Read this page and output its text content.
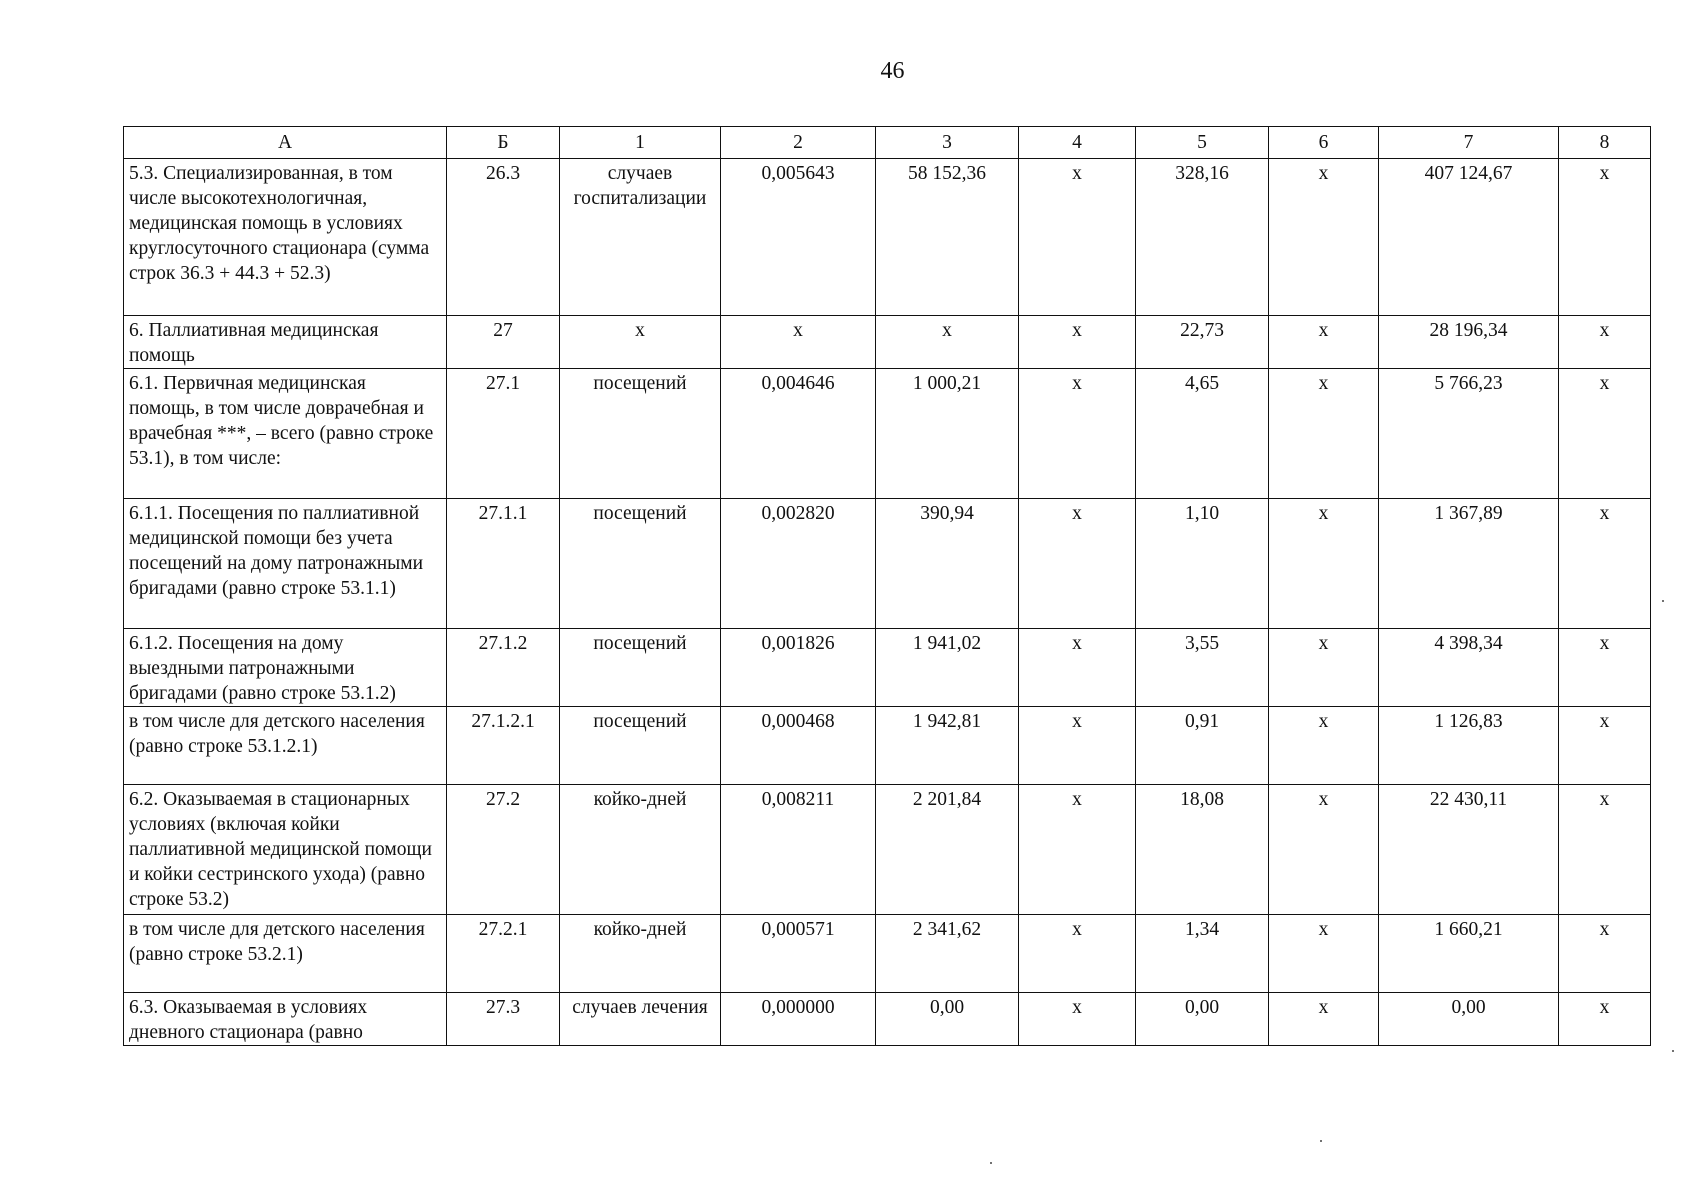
46
А	Б	1	2	3	4	5	6	7	8
5.3. Специализированная, в том числе высокотехнологичная, медицинская помощь в условиях круглосуточного стационара (сумма строк 36.3 + 44.3 + 52.3)	26.3	случаев госпитализации	0,005643	58 152,36	х	328,16	х	407 124,67	х
6. Паллиативная медицинская помощь	27	х	х	х	х	22,73	х	28 196,34	х
6.1. Первичная медицинская помощь, в том числе доврачебная и врачебная ***, – всего (равно строке 53.1), в том числе:	27.1	посещений	0,004646	1 000,21	х	4,65	х	5 766,23	х
6.1.1. Посещения по паллиативной медицинской помощи без учета посещений на дому патронажными бригадами (равно строке 53.1.1)	27.1.1	посещений	0,002820	390,94	х	1,10	х	1 367,89	х
6.1.2. Посещения на дому выездными патронажными бригадами (равно строке 53.1.2)	27.1.2	посещений	0,001826	1 941,02	х	3,55	х	4 398,34	х
в том числе для детского населения (равно строке 53.1.2.1)	27.1.2.1	посещений	0,000468	1 942,81	х	0,91	х	1 126,83	х
6.2. Оказываемая в стационарных условиях (включая койки паллиативной медицинской помощи и койки сестринского ухода) (равно строке 53.2)	27.2	койко-дней	0,008211	2 201,84	х	18,08	х	22 430,11	х
в том числе для детского населения (равно строке 53.2.1)	27.2.1	койко-дней	0,000571	2 341,62	х	1,34	х	1 660,21	х
6.3. Оказываемая в условиях дневного стационара (равно	27.3	случаев лечения	0,000000	0,00	х	0,00	х	0,00	х
